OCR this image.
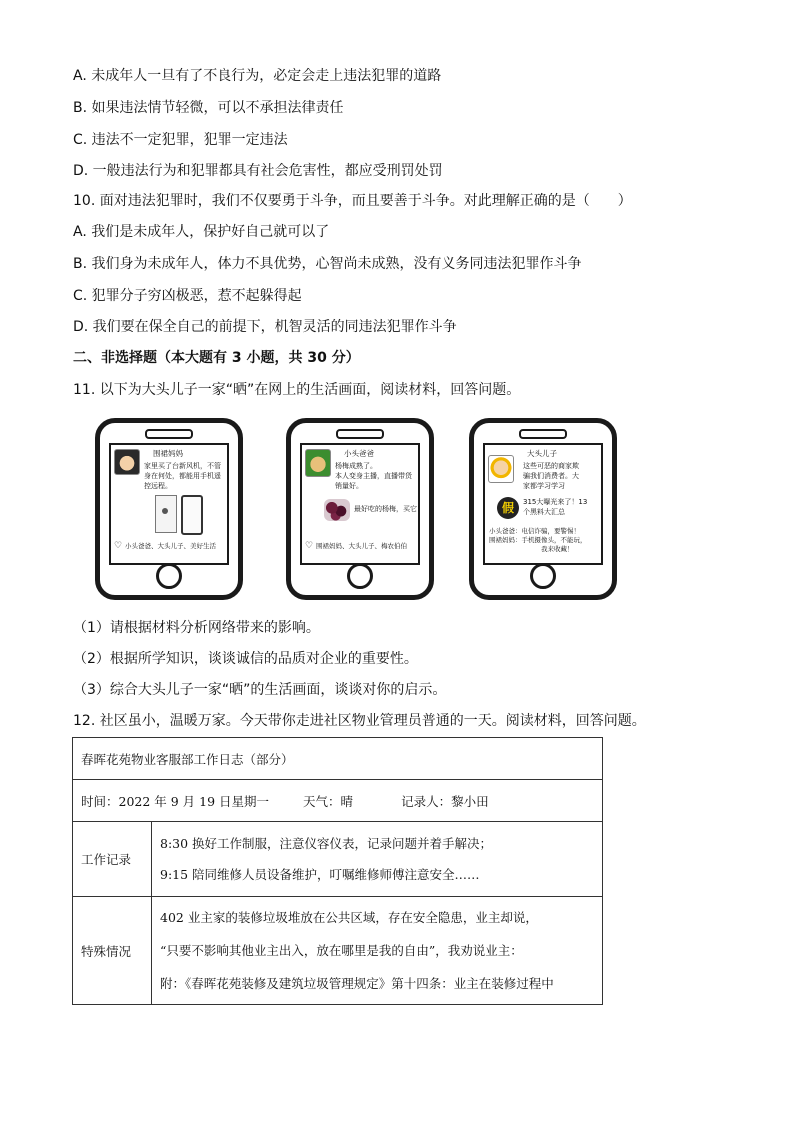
A. 未成年人一旦有了不良行为，必定会走上违法犯罪的道路
B. 如果违法情节轻微，可以不承担法律责任
C. 违法不一定犯罪，犯罪一定违法
D. 一般违法行为和犯罪都具有社会危害性，都应受刑罚处罚
10. 面对违法犯罪时，我们不仅要勇于斗争，而且要善于斗争。对此理解正确的是（　　）
A. 我们是未成年人，保护好自己就可以了
B. 我们身为未成年人，体力不具优势，心智尚未成熟，没有义务同违法犯罪作斗争
C. 犯罪分子穷凶极恶，惹不起躲得起
D. 我们要在保全自己的前提下，机智灵活的同违法犯罪作斗争
二、非选择题（本大题有 3 小题，共 30 分）
11. 以下为大头儿子一家“晒”在网上的生活画面，阅读材料，回答问题。
围裙妈妈
家里买了台新风机，不管
身在何处，都能用手机遥
控远程。
♡ 小头爸爸、大头儿子、美好生活
小头爸爸
杨梅成熟了。
本人变身主播，直播带货
销量好。
最好吃的杨梅，买它！
♡ 围裙妈妈、大头儿子、梅农伯伯
大头儿子
这些可恶的商家欺
骗我们消费者。大
家都学习学习
假	315大曝光来了！13
个黑料大汇总
小头爸爸：电信诈骗，要警惕！
围裙妈妈：手机摄像头，不能玩，
我来收藏！
（1）请根据材料分析网络带来的影响。
（2）根据所学知识，谈谈诚信的品质对企业的重要性。
（3）综合大头儿子一家“晒”的生活画面，谈谈对你的启示。
12. 社区虽小，温暖万家。今天带你走进社区物业管理员普通的一天。阅读材料，回答问题。
春晖花苑物业客服部工作日志（部分）	
时间：2022 年 9 月 19 日星期一 天气：晴 记录人：黎小田	
工作记录	8:30 换好工作制服，注意仪容仪表，记录问题并着手解决；
9:15 陪同维修人员设备维护，叮嘱维修师傅注意安全……

特殊情况	402 业主家的装修垃圾堆放在公共区域，存在安全隐患，业主却说，
“只要不影响其他业主出入，放在哪里是我的自由”，我劝说业主：
附：《春晖花苑装修及建筑垃圾管理规定》第十四条：业主在装修过程中
